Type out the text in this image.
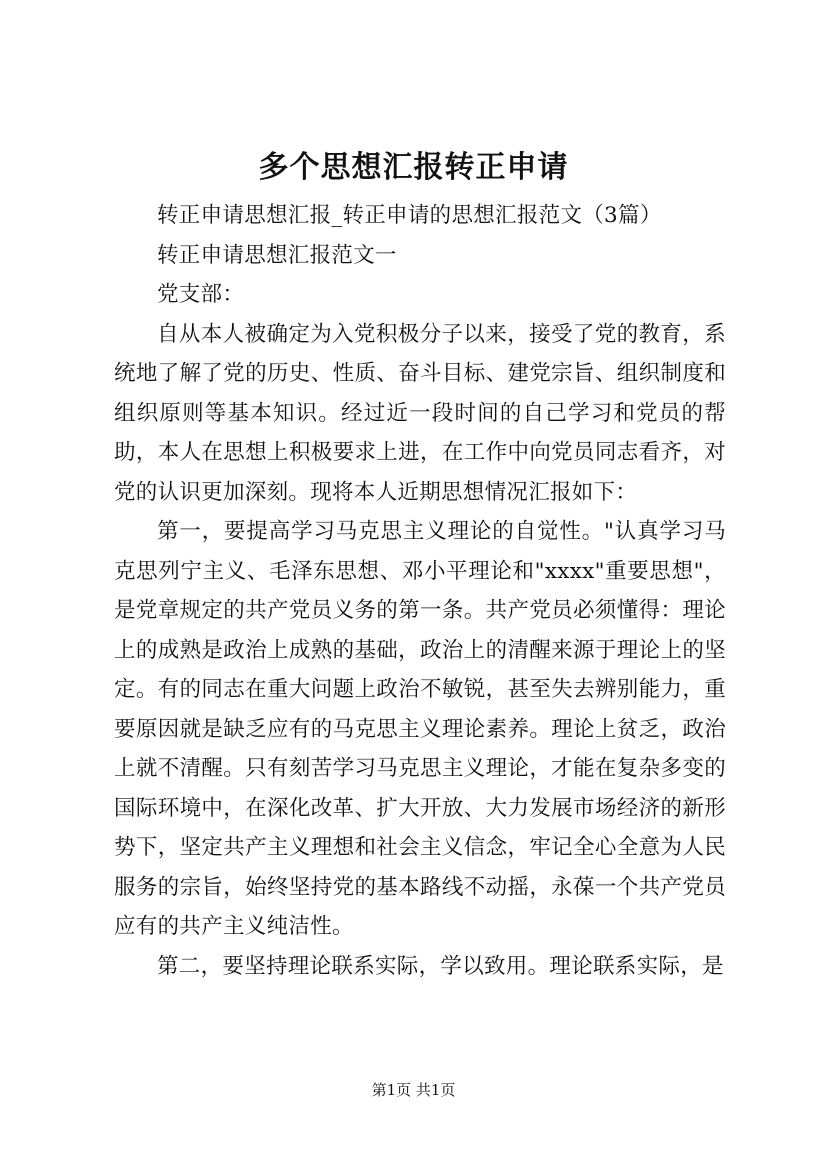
多个思想汇报转正申请

转正申请思想汇报_转正申请的思想汇报范文（3篇）

转正申请思想汇报范文一

党支部：

自从本人被确定为入党积极分子以来，接受了党的教育，系统地了解了党的历史、性质、奋斗目标、建党宗旨、组织制度和组织原则等基本知识。经过近一段时间的自己学习和党员的帮助，本人在思想上积极要求上进，在工作中向党员同志看齐，对党的认识更加深刻。现将本人近期思想情况汇报如下：

第一，要提高学习马克思主义理论的自觉性。"认真学习马克思列宁主义、毛泽东思想、邓小平理论和"xxxx"重要思想"，是党章规定的共产党员义务的第一条。共产党员必须懂得：理论上的成熟是政治上成熟的基础，政治上的清醒来源于理论上的坚定。有的同志在重大问题上政治不敏锐，甚至失去辨别能力，重要原因就是缺乏应有的马克思主义理论素养。理论上贫乏，政治上就不清醒。只有刻苦学习马克思主义理论，才能在复杂多变的国际环境中，在深化改革、扩大开放、大力发展市场经济的新形势下，坚定共产主义理想和社会主义信念，牢记全心全意为人民服务的宗旨，始终坚持党的基本路线不动摇，永葆一个共产党员应有的共产主义纯洁性。

第二，要坚持理论联系实际，学以致用。理论联系实际，是

第1页 共1页
